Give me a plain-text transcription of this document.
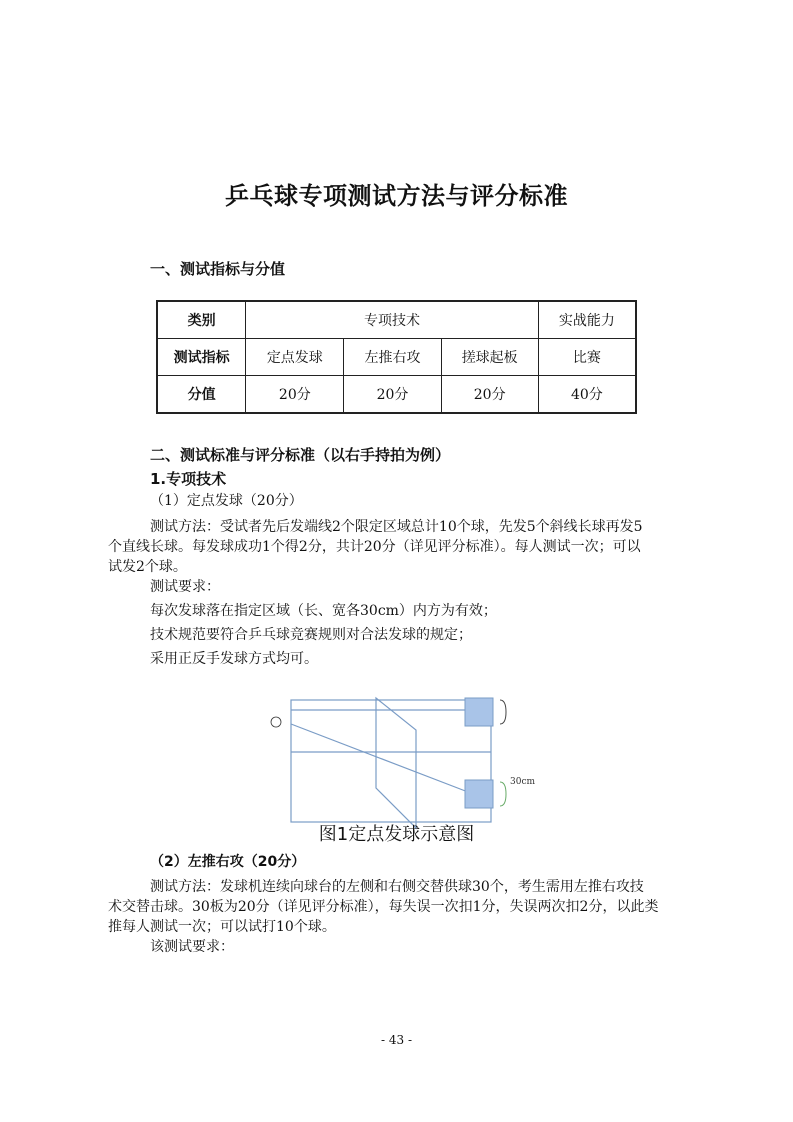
乒乓球专项测试方法与评分标准
一、测试指标与分值
类别	专项技术			实战能力
测试指标	定点发球	左推右攻	搓球起板	比赛
分值	20分	20分	20分	40分
二、测试标准与评分标准（以右手持拍为例）
1.专项技术
（1）定点发球（20分）
测试方法：受试者先后发端线2个限定区域总计10个球，先发5个斜线长球再发5
个直线长球。每发球成功1个得2分，共计20分（详见评分标准）。每人测试一次；可以
试发2个球。
测试要求：
每次发球落在指定区域（长、宽各30cm）内方为有效；
技术规范要符合乒乓球竞赛规则对合法发球的规定；
采用正反手发球方式均可。
30cm
图1定点发球示意图
（2）左推右攻（20分）
测试方法：发球机连续向球台的左侧和右侧交替供球30个，考生需用左推右攻技
术交替击球。30板为20分（详见评分标准），每失误一次扣1分，失误两次扣2分，以此类
推每人测试一次；可以试打10个球。
该测试要求：
- 43 -
